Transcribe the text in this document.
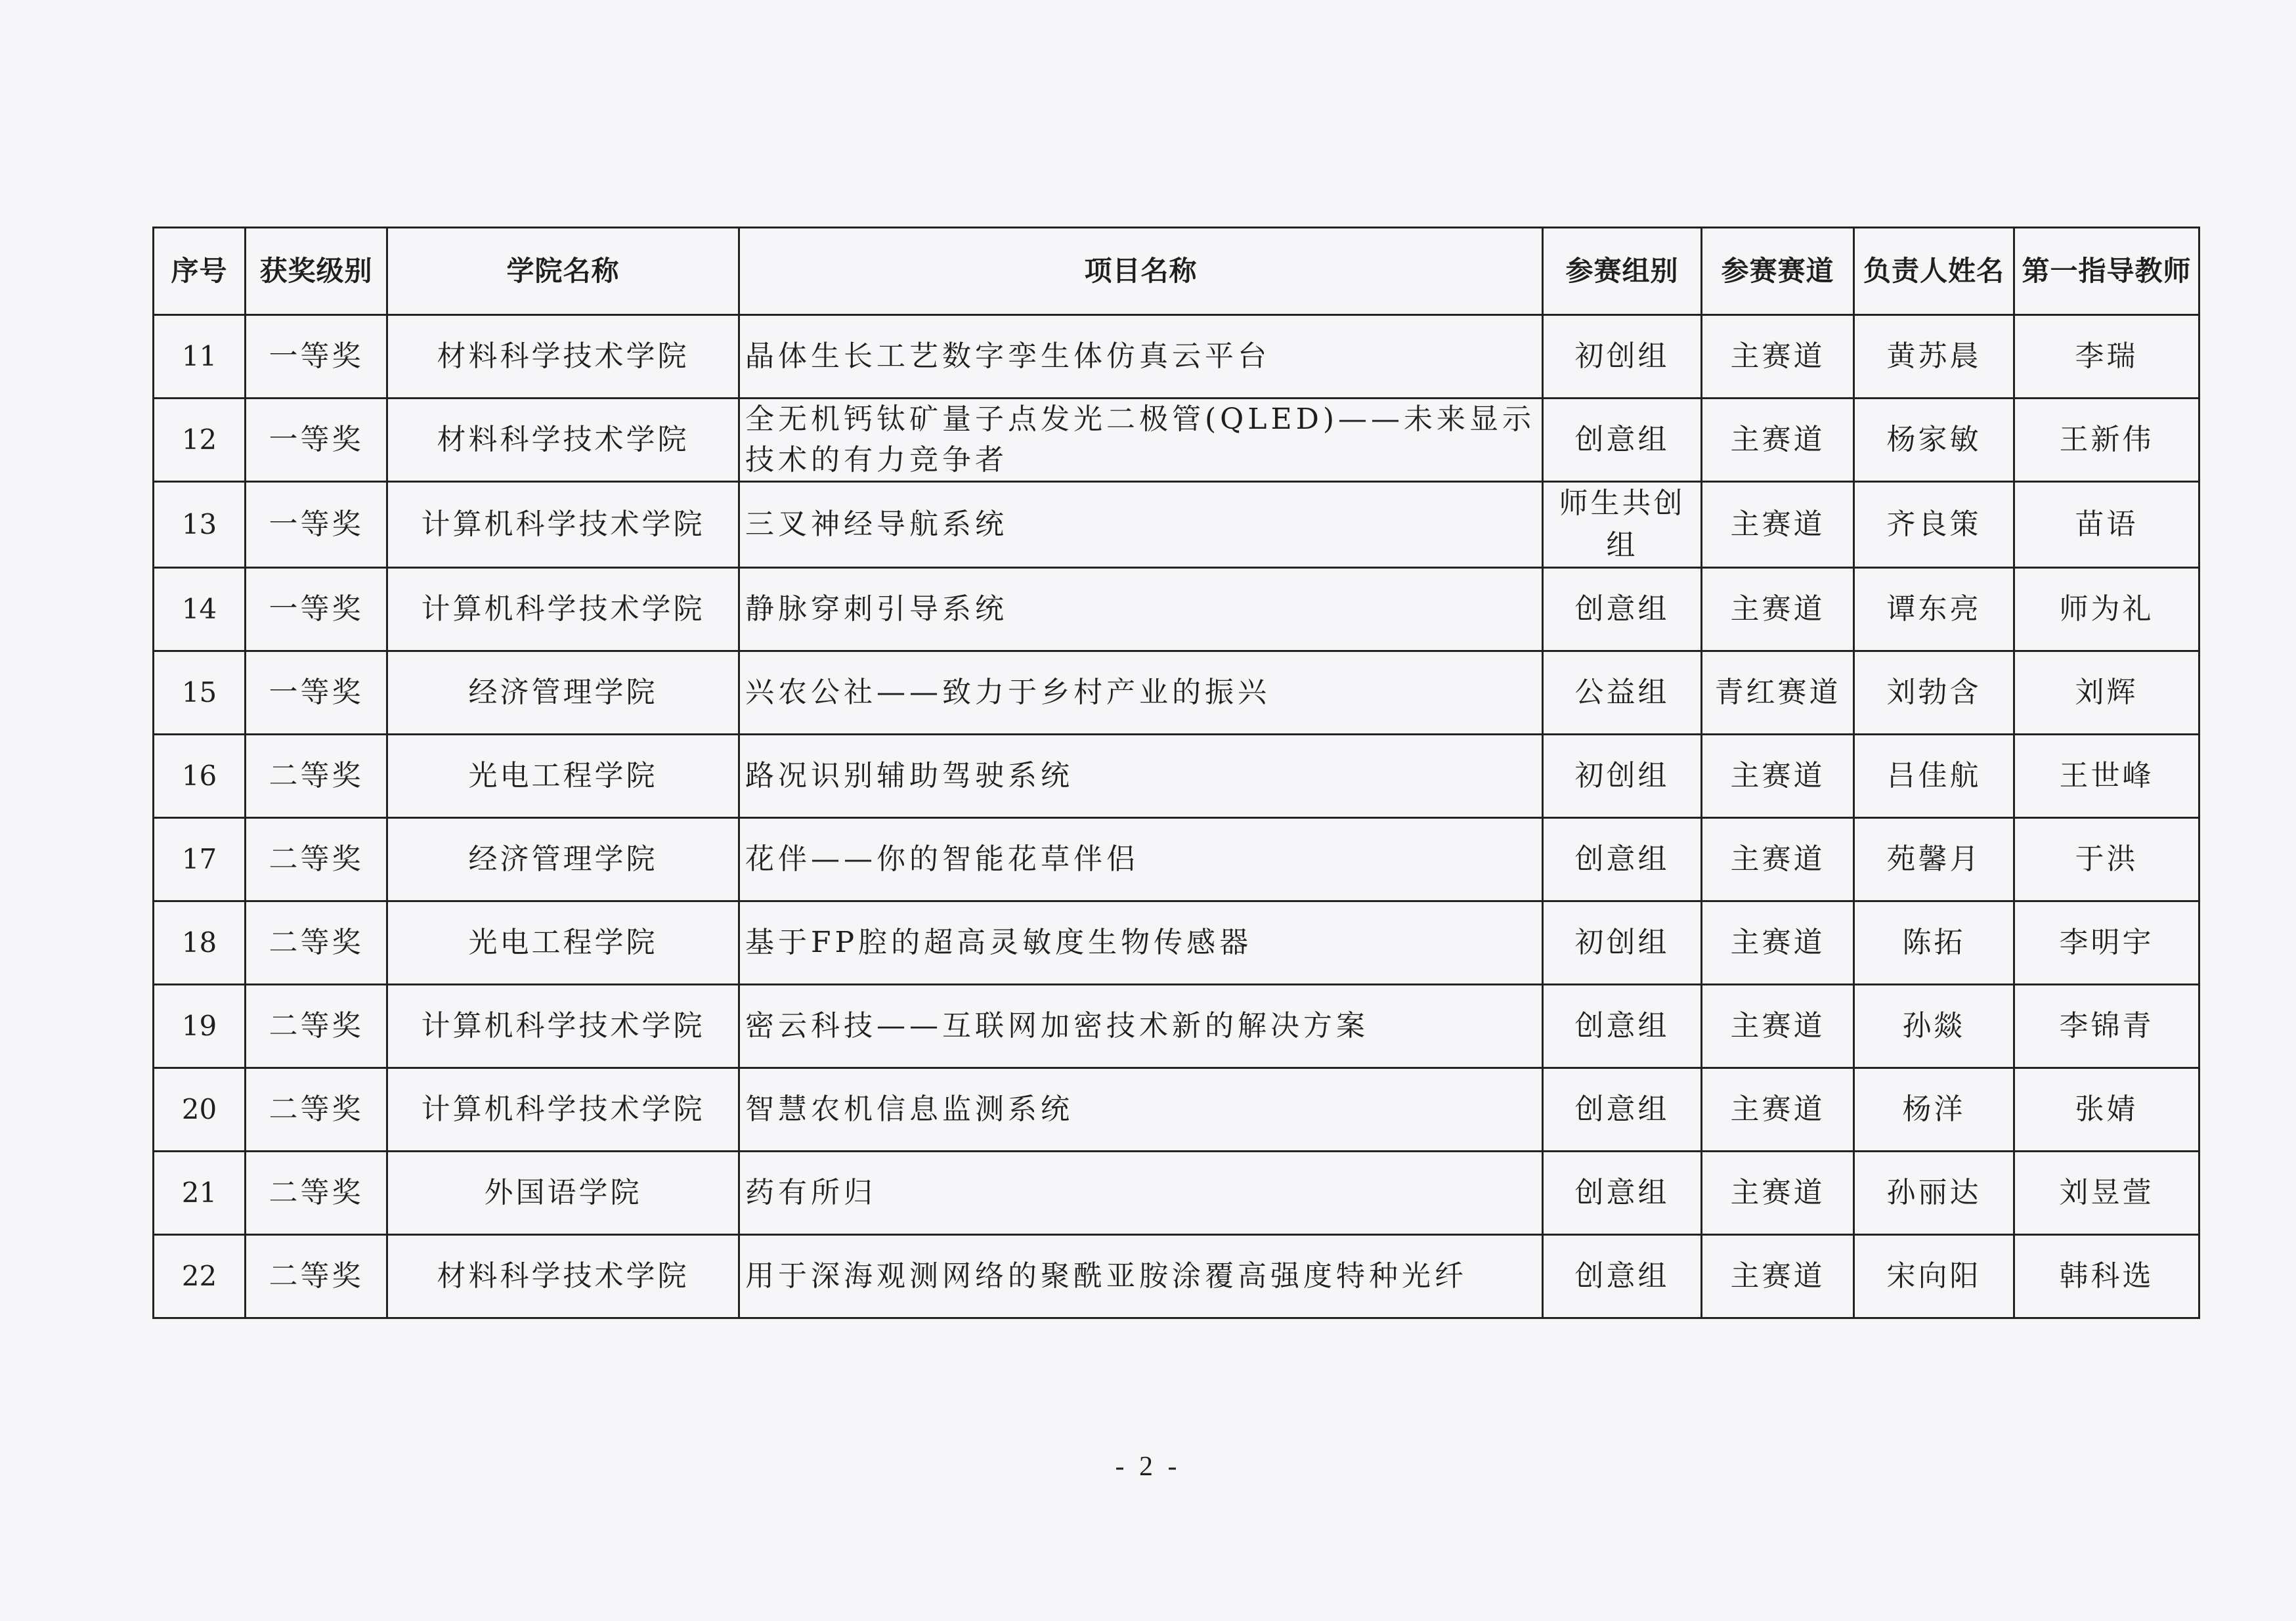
序号	获奖级别	学院名称	项目名称	参赛组别	参赛赛道	负责人姓名	第一指导教师
11	一等奖	材料科学技术学院	晶体生长工艺数字孪生体仿真云平台	初创组	主赛道	黄苏晨	李瑞
12	一等奖	材料科学技术学院	全无机钙钛矿量子点发光二极管(QLED)——未来显示技术的有力竞争者	创意组	主赛道	杨家敏	王新伟
13	一等奖	计算机科学技术学院	三叉神经导航系统	师生共创组	主赛道	齐良策	苗语
14	一等奖	计算机科学技术学院	静脉穿刺引导系统	创意组	主赛道	谭东亮	师为礼
15	一等奖	经济管理学院	兴农公社——致力于乡村产业的振兴	公益组	青红赛道	刘勃含	刘辉
16	二等奖	光电工程学院	路况识别辅助驾驶系统	初创组	主赛道	吕佳航	王世峰
17	二等奖	经济管理学院	花伴——你的智能花草伴侣	创意组	主赛道	苑馨月	于洪
18	二等奖	光电工程学院	基于FP腔的超高灵敏度生物传感器	初创组	主赛道	陈拓	李明宇
19	二等奖	计算机科学技术学院	密云科技——互联网加密技术新的解决方案	创意组	主赛道	孙燚	李锦青
20	二等奖	计算机科学技术学院	智慧农机信息监测系统	创意组	主赛道	杨洋	张婧
21	二等奖	外国语学院	药有所归	创意组	主赛道	孙丽达	刘昱萱
22	二等奖	材料科学技术学院	用于深海观测网络的聚酰亚胺涂覆高强度特种光纤	创意组	主赛道	宋向阳	韩科选
- 2 -
